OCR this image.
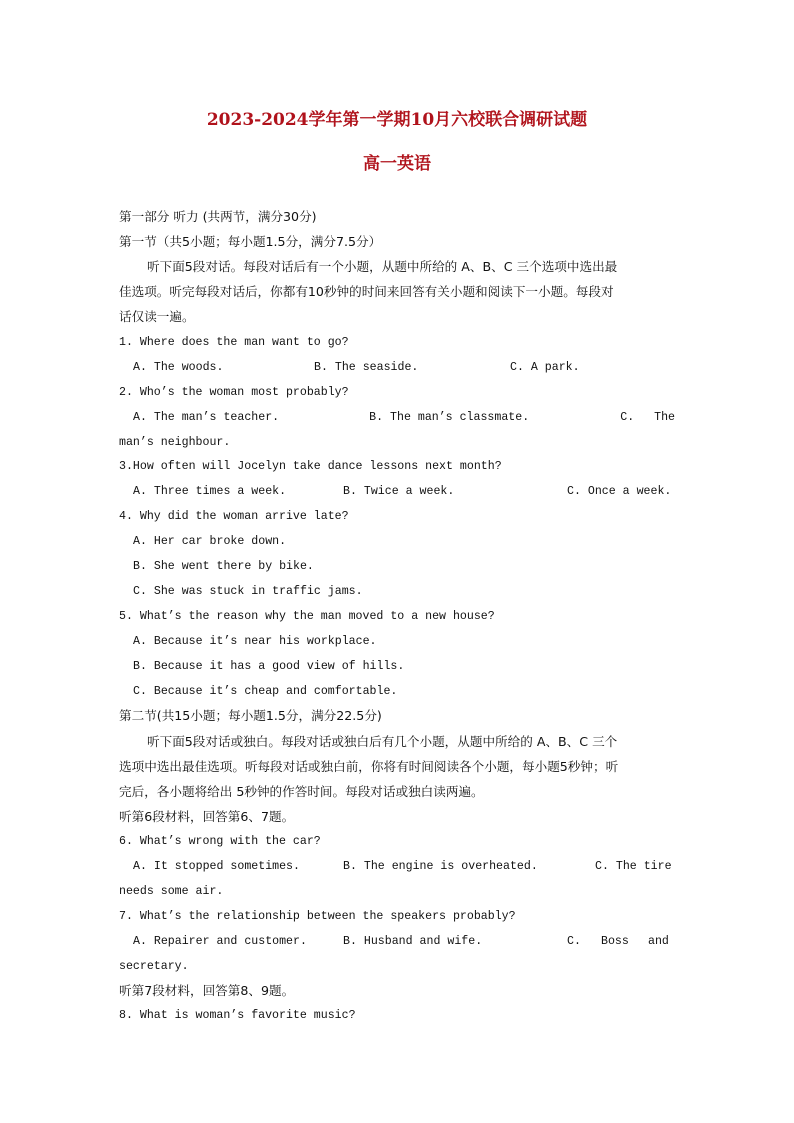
2023-2024学年第一学期10月六校联合调研试题
高一英语
第一部分 听力 (共两节，满分30分)
第一节（共5小题；每小题1.5分，满分7.5分）
听下面5段对话。每段对话后有一个小题，从题中所给的 A、B、C 三个选项中选出最
佳选项。听完每段对话后，你都有10秒钟的时间来回答有关小题和阅读下一小题。每段对
话仅读一遍。
1. Where does the man want to go?
A. The woods.	B. The seaside.	C. A park.
2. Who’s the woman most probably?
A. The man’s teacher.	B. The man’s classmate.	C.	The
man’s neighbour.
3.How often will Jocelyn take dance lessons next month?
A. Three times a week.	B. Twice a week.	C. Once a week.
4. Why did the woman arrive late?
A. Her car broke down.
B. She went there by bike.
C. She was stuck in traffic jams.
5. What’s the reason why the man moved to a new house?
A. Because it’s near his workplace.
B. Because it has a good view of hills.
C. Because it’s cheap and comfortable.
第二节(共15小题；每小题1.5分，满分22.5分)
听下面5段对话或独白。每段对话或独白后有几个小题，从题中所给的 A、B、C 三个
选项中选出最佳选项。听每段对话或独白前，你将有时间阅读各个小题，每小题5秒钟；听
完后，各小题将给出 5秒钟的作答时间。每段对话或独白读两遍。
听第6段材料，回答第6、7题。
6. What’s wrong with the car?
A. It stopped sometimes.	B. The engine is overheated.	C. The tire
needs some air.
7. What’s the relationship between the speakers probably?
A. Repairer and customer.	B. Husband and wife.	C.	Boss	and
secretary.
听第7段材料，回答第8、9题。
8. What is woman’s favorite music?
